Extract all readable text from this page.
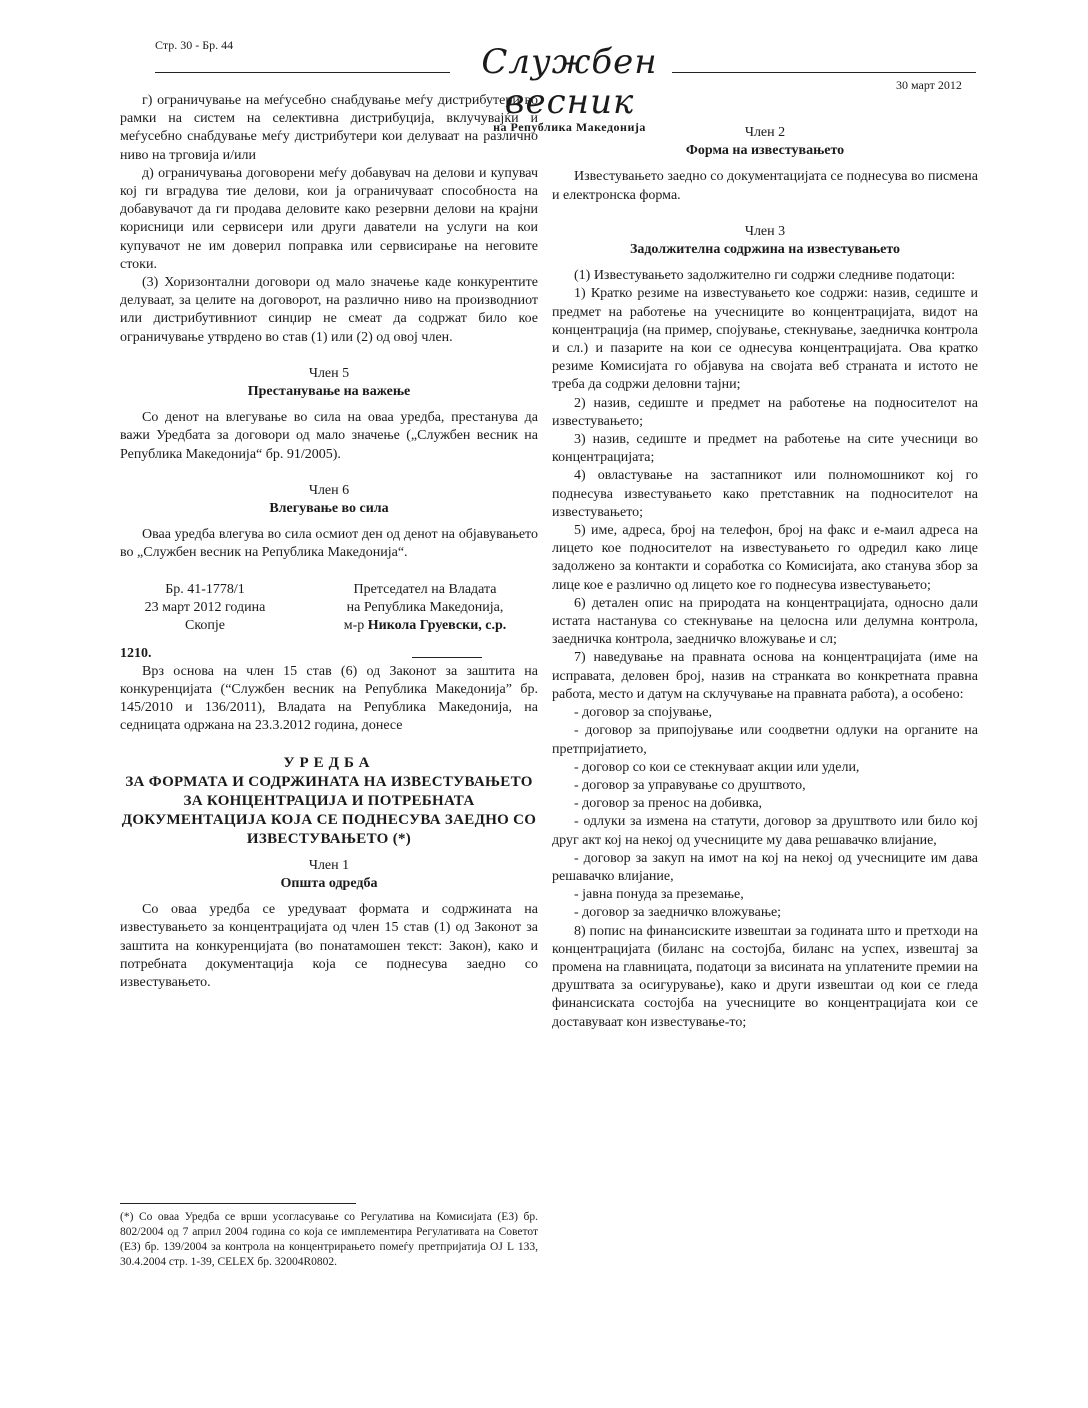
Стр. 30 - Бр. 44	Службен весник
на Република Македонија
30 март 2012

г) ограничување на меѓусебно снабдување меѓу дистрибутери во рамки на систем на селективна дистрибуција, вклучувајќи и меѓусебно снабдување меѓу дистрибутери кои делуваат на различно ниво на трговија и/или

д) ограничувања договорени меѓу добавувач на делови и купувач кој ги вградува тие делови, кои ја ограничуваат способноста на добавувачот да ги продава деловите како резервни делови на крајни корисници или сервисери или други даватели на услуги на кои купувачот не им доверил поправка или сервисирање на неговите стоки.

(3) Хоризонтални договори од мало значење каде конкурентите делуваат, за целите на договорот, на различно ниво на производниот или дистрибутивниот синџир не смеат да содржат било кое ограничување утврдено во став (1) или (2) од овој член.

Член 5

Престанување на важење

Со денот на влегување во сила на оваа уредба, престанува да важи Уредбата за договори од мало значење („Службен весник на Република Македонија“ бр. 91/2005).

Член 6

Влегување во сила

Оваа уредба влегува во сила осмиот ден од денот на објавувањето во „Службен весник на Република Македонија“.

Бр. 41-1778/1
23 март 2012 година
Скопје
Претседател на Владата
на Република Македонија,
м-р Никола Груевски, с.р.

1210.

Врз основа на член 15 став (6) од Законот за заштита на конкуренцијата (“Службен весник на Република Македонија” бр. 145/2010 и 136/2011), Владата на Република Македонија, на седницата одржана на 23.3.2012 година, донесе

УРЕДБА
ЗА ФОРМАТА И СОДРЖИНАТА НА ИЗВЕСТУВАЊЕТО ЗА КОНЦЕНТРАЦИЈА И ПОТРЕБНАТА ДОКУМЕНТАЦИЈА КОЈА СЕ ПОДНЕСУВА ЗАЕДНО СО ИЗВЕСТУВАЊЕТО (*)

Член 1

Општа одредба

Со оваа уредба се уредуваат формата и содржината на известувањето за концентрацијата од член 15 став (1) од Законот за заштита на конкуренцијата (во понатамошен текст: Закон), како и потребната документација која се поднесува заедно со известувањето.

(*) Со оваа Уредба се врши усогласување со Регулатива на Комисијата (ЕЗ) бр. 802/2004 од 7 април 2004 година со која се имплементира Регулативата на Советот (ЕЗ) бр. 139/2004 за контрола на концентрирањето помеѓу претпријатија OJ L 133, 30.4.2004 стр. 1-39, CELEX бр. 32004R0802.

Член 2

Форма на известувањето

Известувањето заедно со документацијата се поднесува во писмена и електронска форма.

Член 3

Задолжителна содржина на известувањето

(1) Известувањето задолжително ги содржи следниве податоци:

1) Кратко резиме на известувањето кое содржи: назив, седиште и предмет на работење на учесниците во концентрацијата, видот на концентрација (на пример, спојување, стекнување, заедничка контрола и сл.) и пазарите на кои се однесува концентрацијата. Ова кратко резиме Комисијата го објавува на својата веб страната и истото не треба да содржи деловни тајни;

2) назив, седиште и предмет на работење на подносителот на известувањето;

3) назив, седиште и предмет на работење на сите учесници во концентрацијата;

4) овластување на застапникот или полномошникот кој го поднесува известувањето како претставник на подносителот на известувањето;

5) име, адреса, број на телефон, број на факс и е-маил адреса на лицето кое подносителот на известувањето го одредил како лице задолжено за контакти и соработка со Комисијата, ако станува збор за лице кое е различно од лицето кое го поднесува известувањето;

6) детален опис на природата на концентрацијата, односно дали истата настанува со стекнување на целосна или делумна контрола, заедничка контрола, заедничко вложување и сл;

7) наведување на правната основа на концентрацијата (име на исправата, деловен број, назив на странката во конкретната правна работа, место и датум на склучување на правната работа), а особено:

- договор за спојување,

- договор за припојување или соодветни одлуки на органите на претпријатието,

- договор со кои се стекнуваат акции или удели,

- договор за управување со друштвото,

- договор за пренос на добивка,

- одлуки за измена на статути, договор за друштвото или било кој друг акт кој на некој од учесниците му дава решавачко влијание,

- договор за закуп на имот на кој на некој од учесниците им дава решавачко влијание,

- јавна понуда за преземање,

- договор за заедничко вложување;

8) попис на финансиските извештаи за годината што и претходи на концентрацијата (биланс на состојба, биланс на успех, извештај за промена на главницата, податоци за висината на уплатените премии на друштвата за осигурување), како и други извештаи од кои се гледа финансиската состојба на учесниците во концентрацијата кои се доставуваат кон известување-то;
